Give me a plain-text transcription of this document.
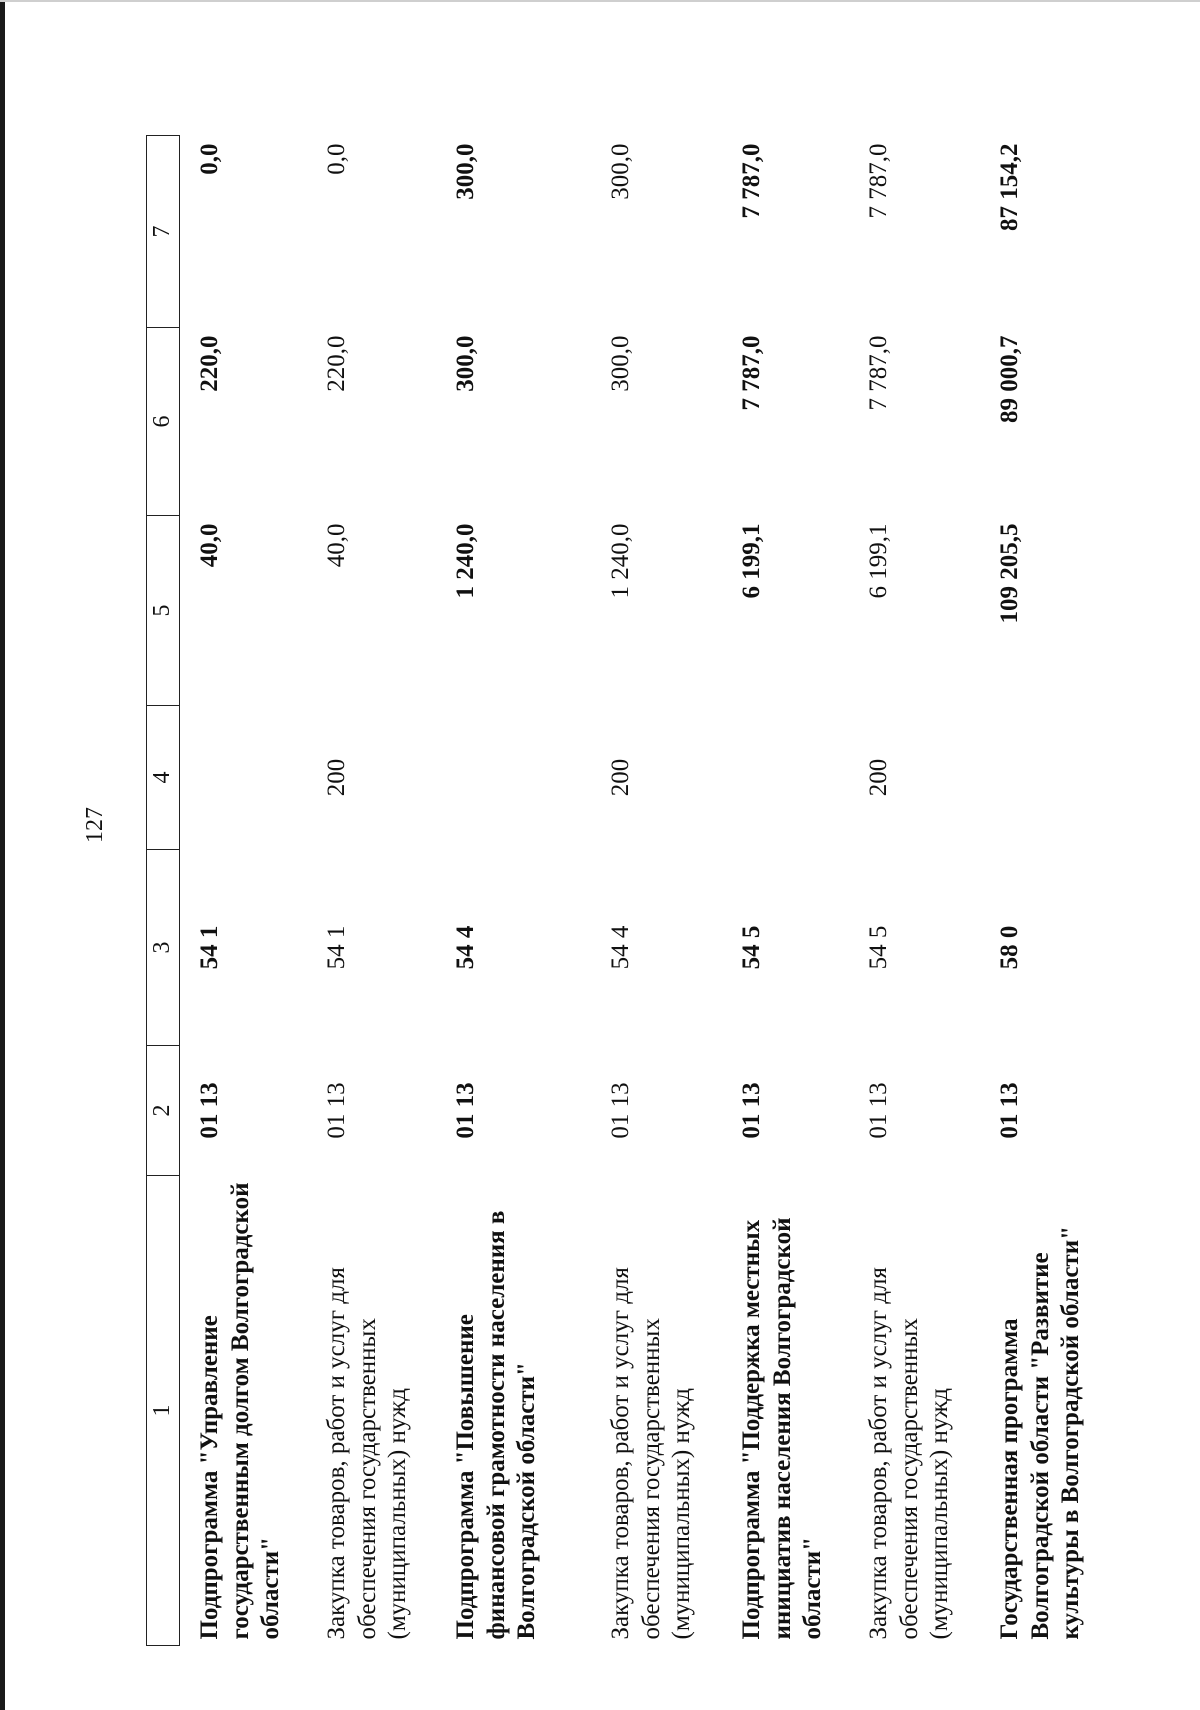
127
1	2	3	4	5	6	7
Подпрограмма "Управление государственным долгом Волгоградской области"	01 13	54 1		40,0	220,0	0,0
Закупка товаров, работ и услуг для обеспечения государственных (муниципальных) нужд	01 13	54 1	200	40,0	220,0	0,0
Подпрограмма "Повышение финансовой грамотности населения в Волгоградской области"	01 13	54 4		1 240,0	300,0	300,0
Закупка товаров, работ и услуг для обеспечения государственных (муниципальных) нужд	01 13	54 4	200	1 240,0	300,0	300,0
Подпрограмма "Поддержка местных инициатив населения Волгоградской области"	01 13	54 5		6 199,1	7 787,0	7 787,0
Закупка товаров, работ и услуг для обеспечения государственных (муниципальных) нужд	01 13	54 5	200	6 199,1	7 787,0	7 787,0
Государственная программа Волгоградской области "Развитие культуры в Волгоградской области"	01 13	58 0		109 205,5	89 000,7	87 154,2
